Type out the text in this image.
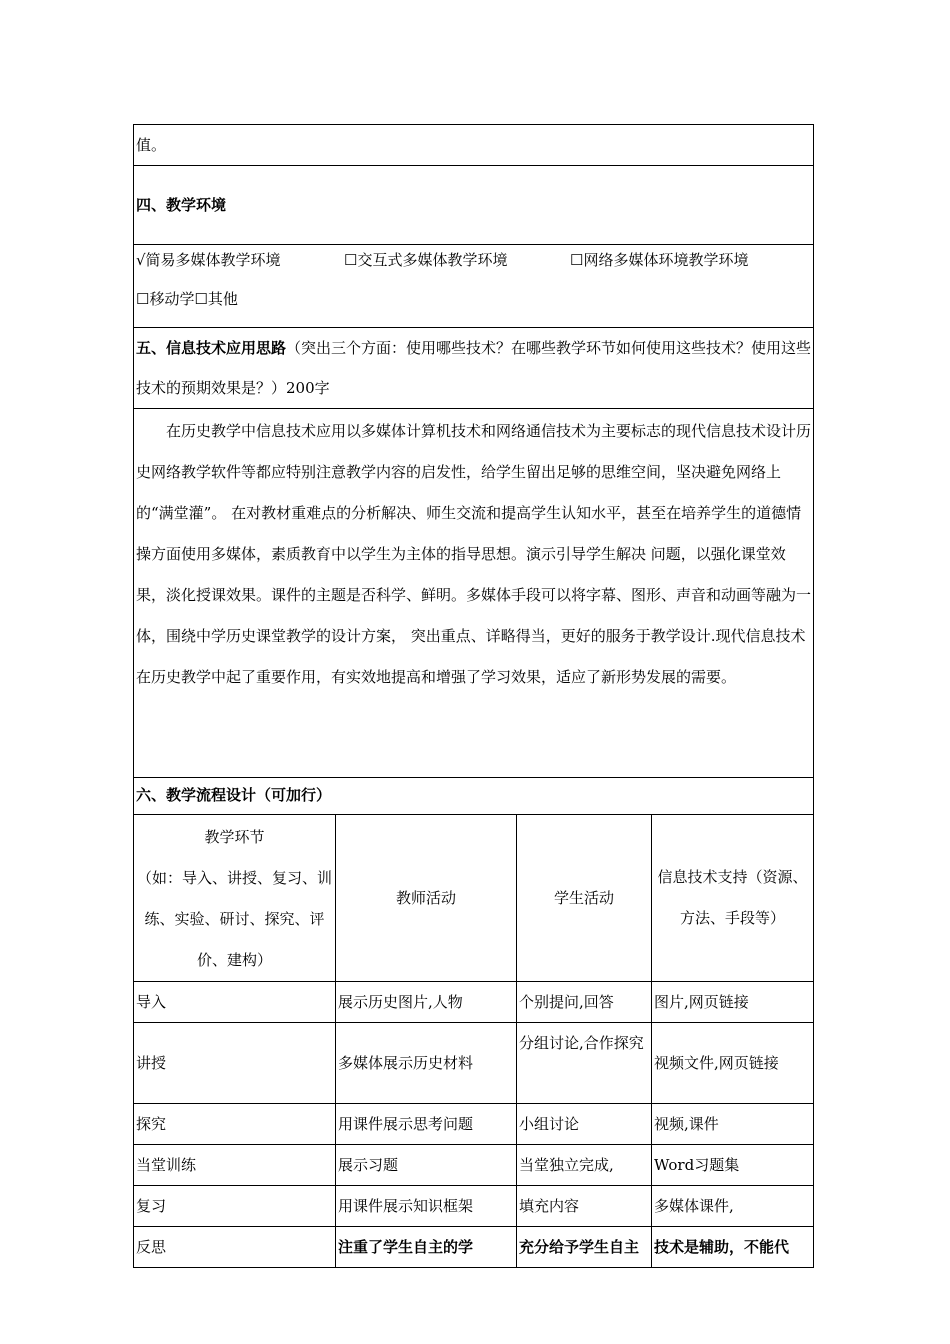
值。			
四、教学环境			
√简易多媒体教学环境 ☐交互式多媒体教学环境 ☐网络多媒体环境教学环境
☐移动学☐其他			

五、信息技术应用思路（突出三个方面：使用哪些技术？在哪些教学环节如何使用这些技术？使用这些技术的预期效果是？）200字			
在历史教学中信息技术应用以多媒体计算机技术和网络通信技术为主要标志的现代信息技术设计历史网络教学软件等都应特别注意教学内容的启发性，给学生留出足够的思维空间，坚决避免网络上的“满堂灌”。 在对教材重难点的分析解决、师生交流和提高学生认知水平，甚至在培养学生的道德情操方面使用多媒体，素质教育中以学生为主体的指导思想。演示引导学生解决 问题，以强化课堂效果，淡化授课效果。课件的主题是否科学、鲜明。多媒体手段可以将字幕、图形、声音和动画等融为一体，围绕中学历史课堂教学的设计方案， 突出重点、详略得当，更好的服务于教学设计.现代信息技术在历史教学中起了重要作用，有实效地提高和增强了学习效果，适应了新形势发展的需要。			
六、教学流程设计（可加行）			

教学环节
（如：导入、讲授、复习、训练、实验、研讨、探究、评价、建构）	教师活动	学生活动	信息技术支持（资源、方法、手段等）
导入	展示历史图片,人物	个别提问,回答	图片,网页链接
讲授	多媒体展示历史材料	分组讨论,合作探究	视频文件,网页链接
探究	用课件展示思考问题	小组讨论	视频,课件
当堂训练	展示习题	当堂独立完成,	Word习题集
复习	用课件展示知识框架	填充内容	多媒体课件,
反思	注重了学生自主的学	充分给予学生自主	技术是辅助，不能代
